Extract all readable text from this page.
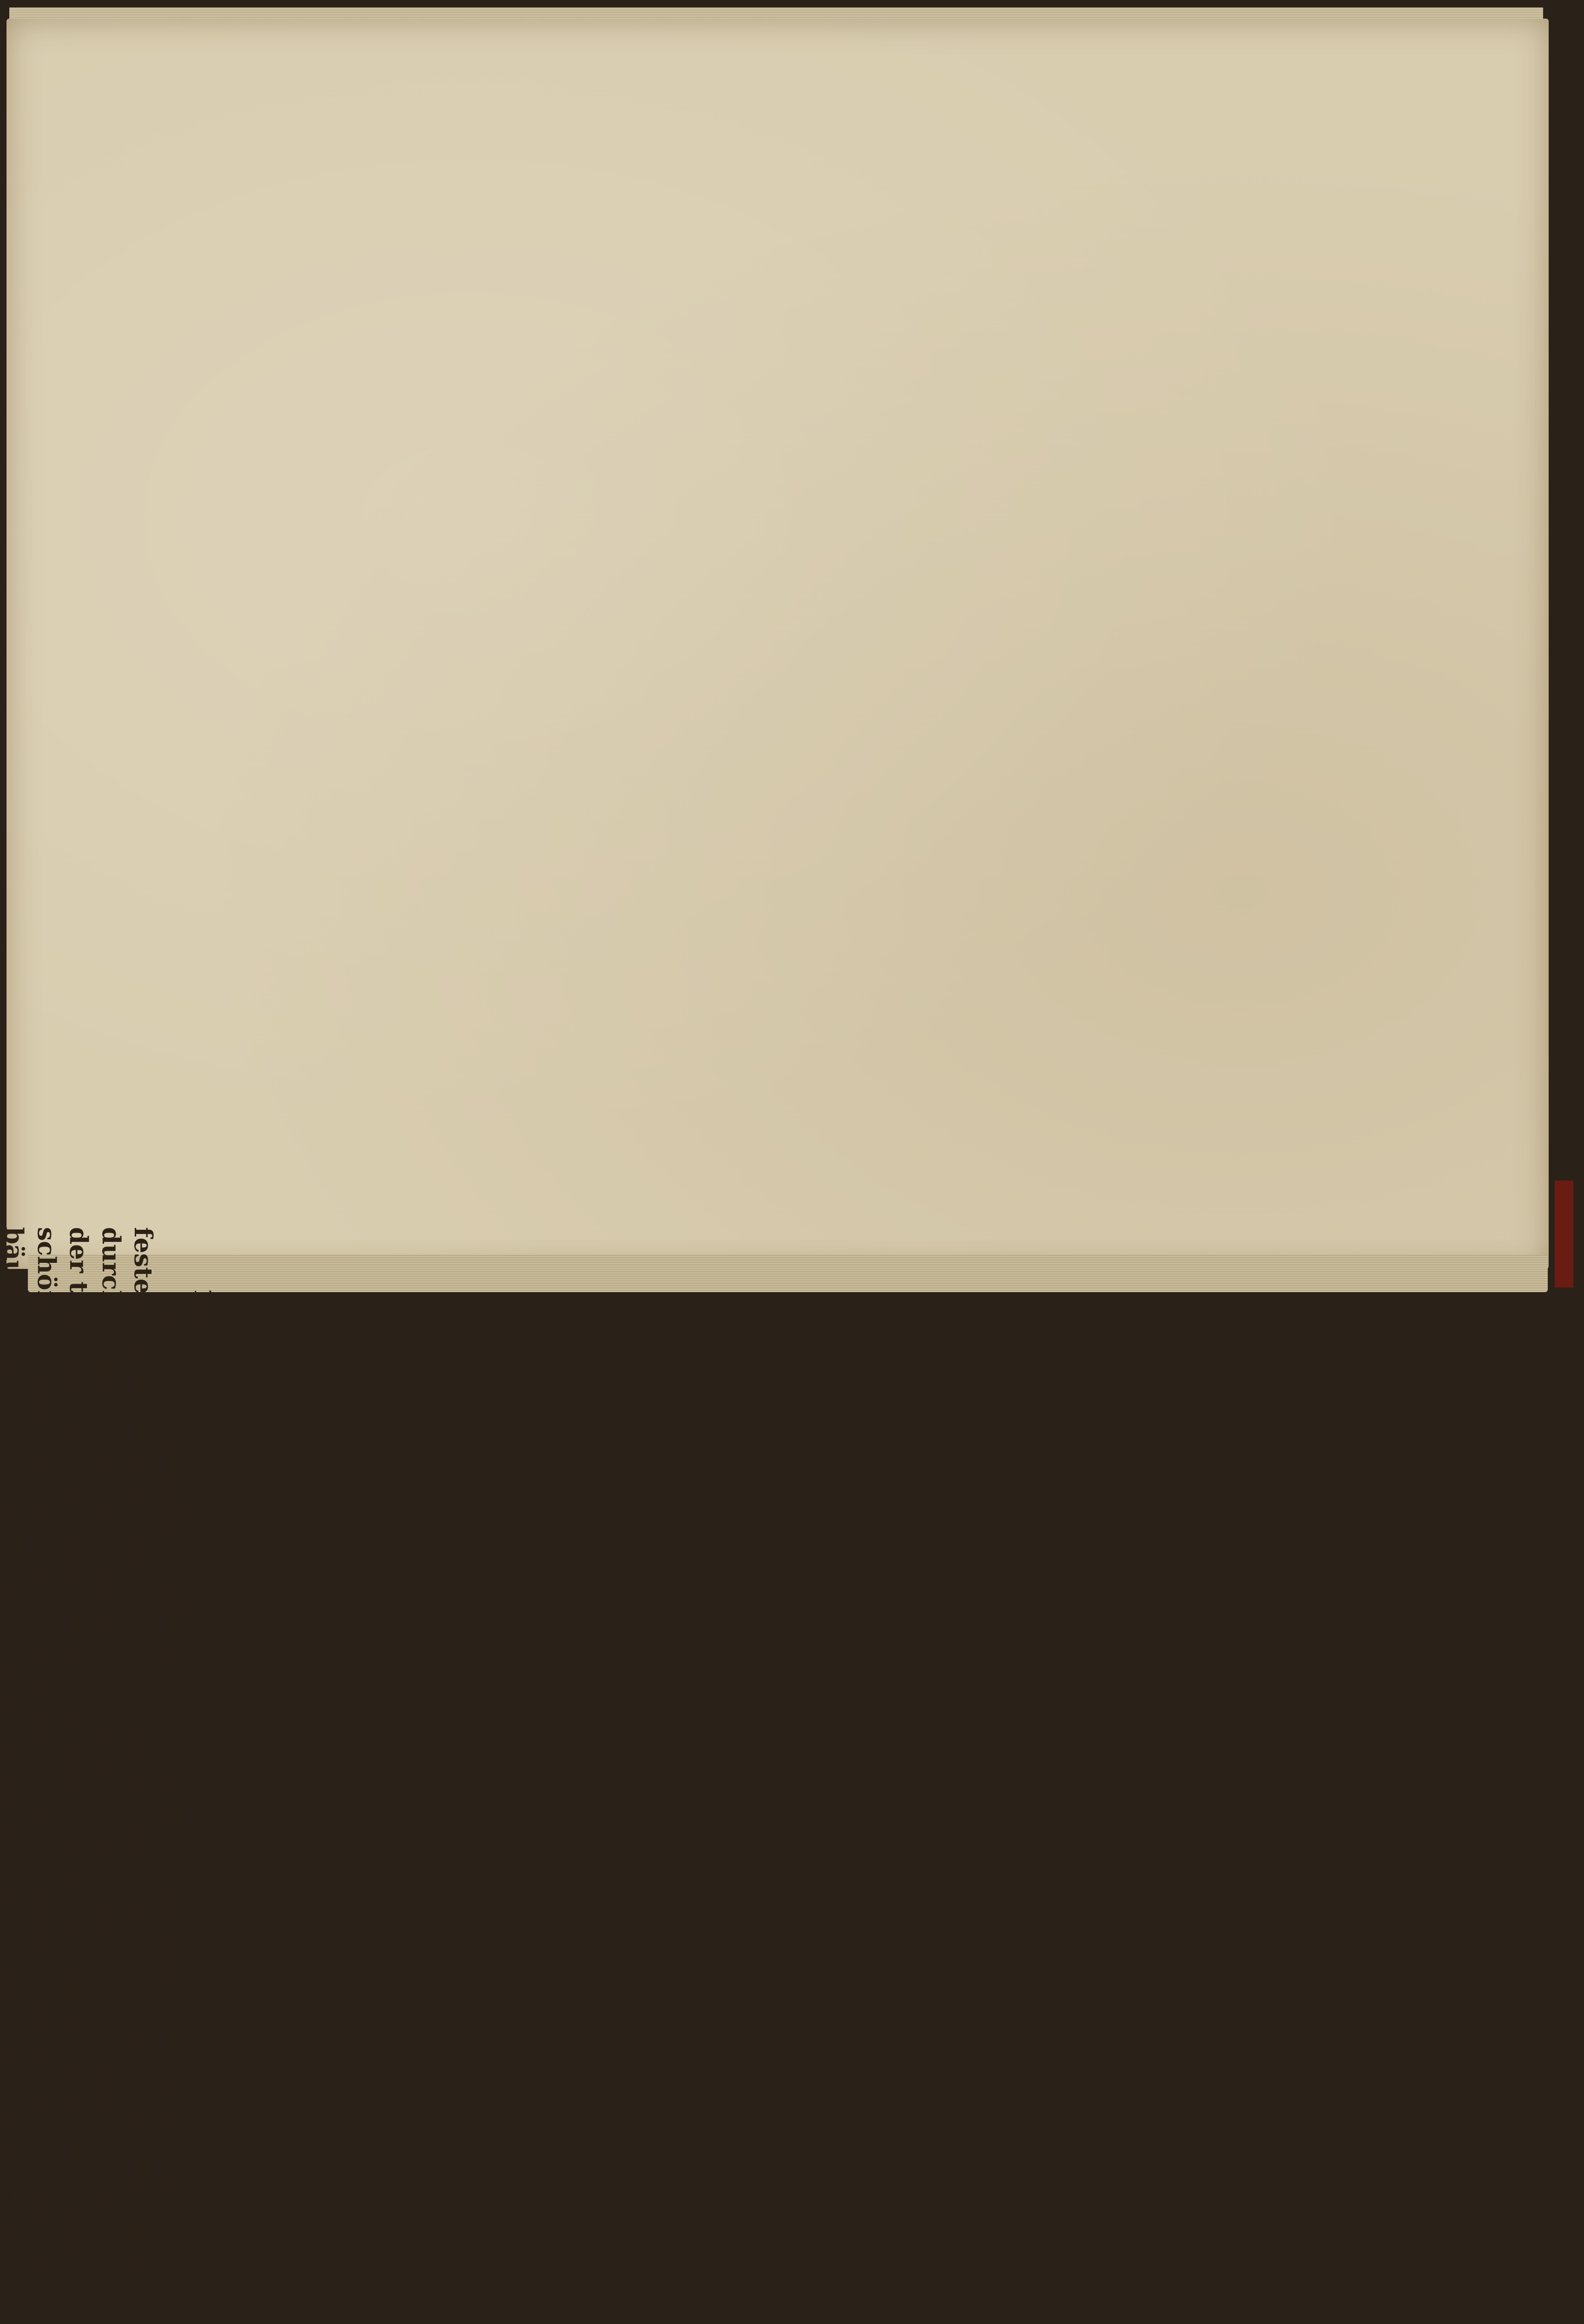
102
Die Getreidehalle (Halle au blé), ein zirkelförmiges Gebäude, von
festem Baue, welches auf eine so einfache als edle Art verziert ist. Man geht
durch 25 gleich große Bögen ein. Das unterste Stockwerk enthält Pfeiler von
der toskanischen Ordnung, welche große Scheuren tragen, wozu zwey, sehr
schöne Treppen führen. Der Hof bildet einen völligen halben Zirkel. Das Ge-
bäude wäre ein vortreffliches Lokal für große Gastmähler, weil man 12 bis
